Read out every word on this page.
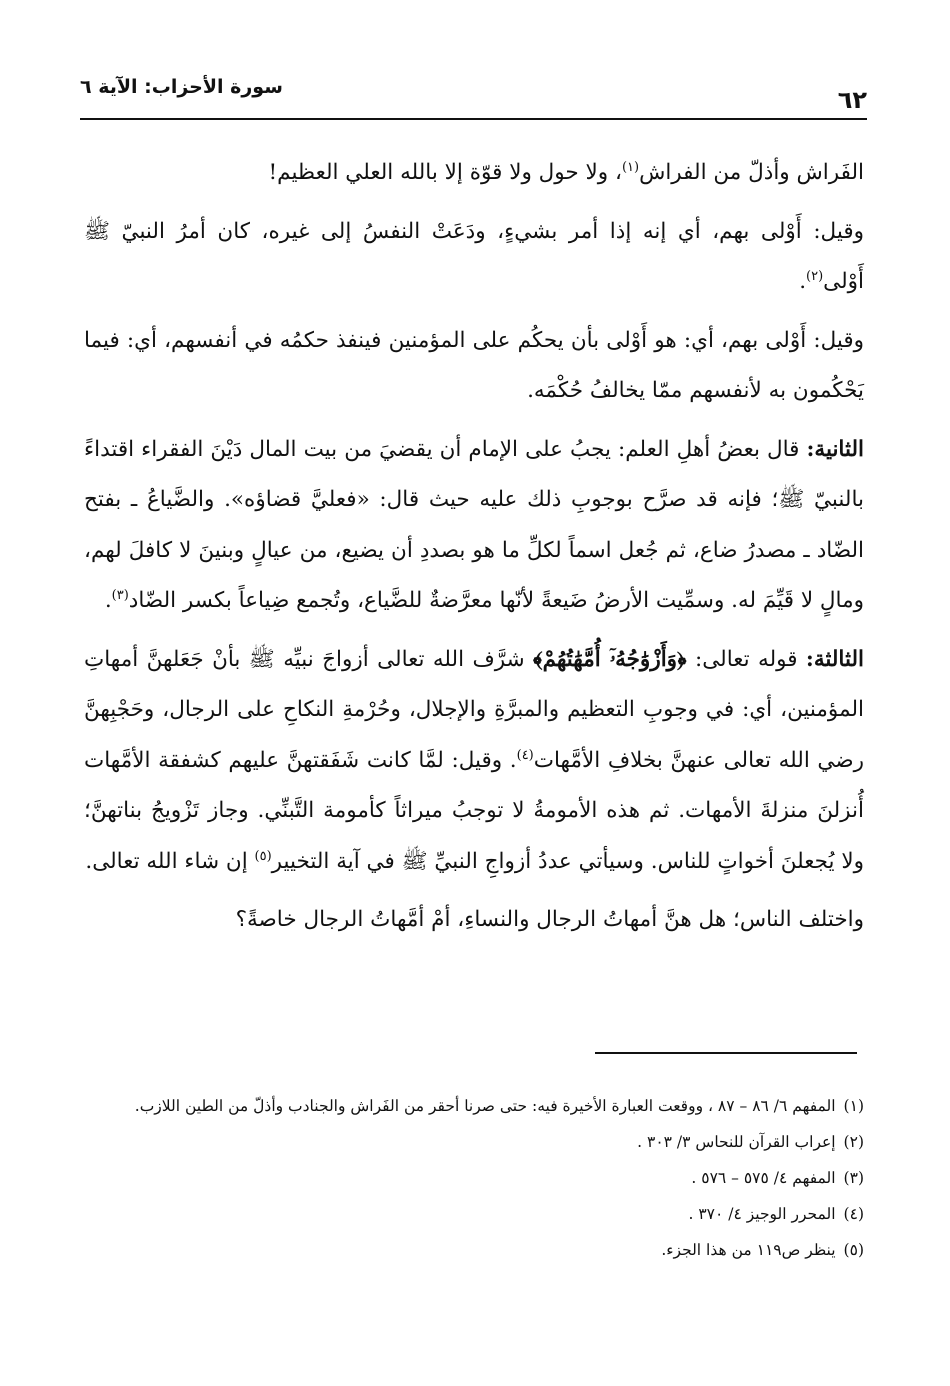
٦٢
سورة الأحزاب: الآية ٦

الفَراش وأذلّ من الفراش$^{(١)}$، ولا حول ولا قوّة إلا بالله العلي العظيم!

وقيل: أَوْلى بهم، أي إنه إذا أمر بشيءٍ، ودَعَتْ النفسُ إلى غيره، كان أمرُ النبيّ ﷺ أَوْلى$^{(٢)}$.

وقيل: أَوْلى بهم، أي: هو أَوْلى بأن يحكُم على المؤمنين فينفذ حكمُه في أنفسهم، أي: فيما يَحْكُمون به لأنفسهم ممّا يخالفُ حُكْمَه.

الثانية: قال بعضُ أهلِ العلم: يجبُ على الإمام أن يقضيَ من بيت المال دَيْنَ الفقراء اقتداءً بالنبيّ ﷺ؛ فإنه قد صرَّح بوجوبِ ذلك عليه حيث قال: «فعليَّ قضاؤه». والضَّياعُ ـ بفتح الضّاد ـ مصدرُ ضاع، ثم جُعل اسماً لكلِّ ما هو بصددِ أن يضيع، من عيالٍ وبنينَ لا كافلَ لهم، ومالٍ لا قَيِّمَ له. وسمِّيت الأرضُ ضَيعةً لأنّها معرَّضةٌ للضَّياع، وتُجمع ضِياعاً بكسر الضّاد$^{(٣)}$.

الثالثة: قوله تعالى: ﴿وَأَزْوَٰجُهُۥٓ أُمَّهَٰتُهُمْ﴾ شرَّف الله تعالى أزواجَ نبيِّه ﷺ بأنْ جَعَلهنَّ أمهاتِ المؤمنين، أي: في وجوبِ التعظيم والمبرَّةِ والإجلال، وحُرْمةِ النكاحِ على الرجال، وحَجْبِهنَّ رضي الله تعالى عنهنَّ بخلافِ الأمَّهات$^{(٤)}$. وقيل: لمَّا كانت شَفَقتهنَّ عليهم كشفقة الأمَّهات أُنزلنَ منزلةَ الأمهات. ثم هذه الأمومةُ لا توجبُ ميراثاً كأمومة التَّبنِّي. وجاز تَزْويجُ بناتهنَّ؛ ولا يُجعلنَ أخواتٍ للناس. وسيأتي عددُ أزواجِ النبيِّ ﷺ في آية التخيير$^{(٥)}$ إن شاء الله تعالى.

واختلف الناس؛ هل هنَّ أمهاتُ الرجال والنساءِ، أمْ أمَّهاتُ الرجال خاصةً؟

(١)
المفهم ٦/ ٨٦ – ٨٧ ، ووقعت العبارة الأخيرة فيه: حتى صرنا أحقر من الفَراش والجنادب وأذلّ من الطين اللازب.
(٢)
إعراب القرآن للنحاس ٣/ ٣٠٣ .
(٣)
المفهم ٤/ ٥٧٥ – ٥٧٦ .
(٤)
المحرر الوجيز ٤/ ٣٧٠ .
(٥)
ينظر ص١١٩ من هذا الجزء.
